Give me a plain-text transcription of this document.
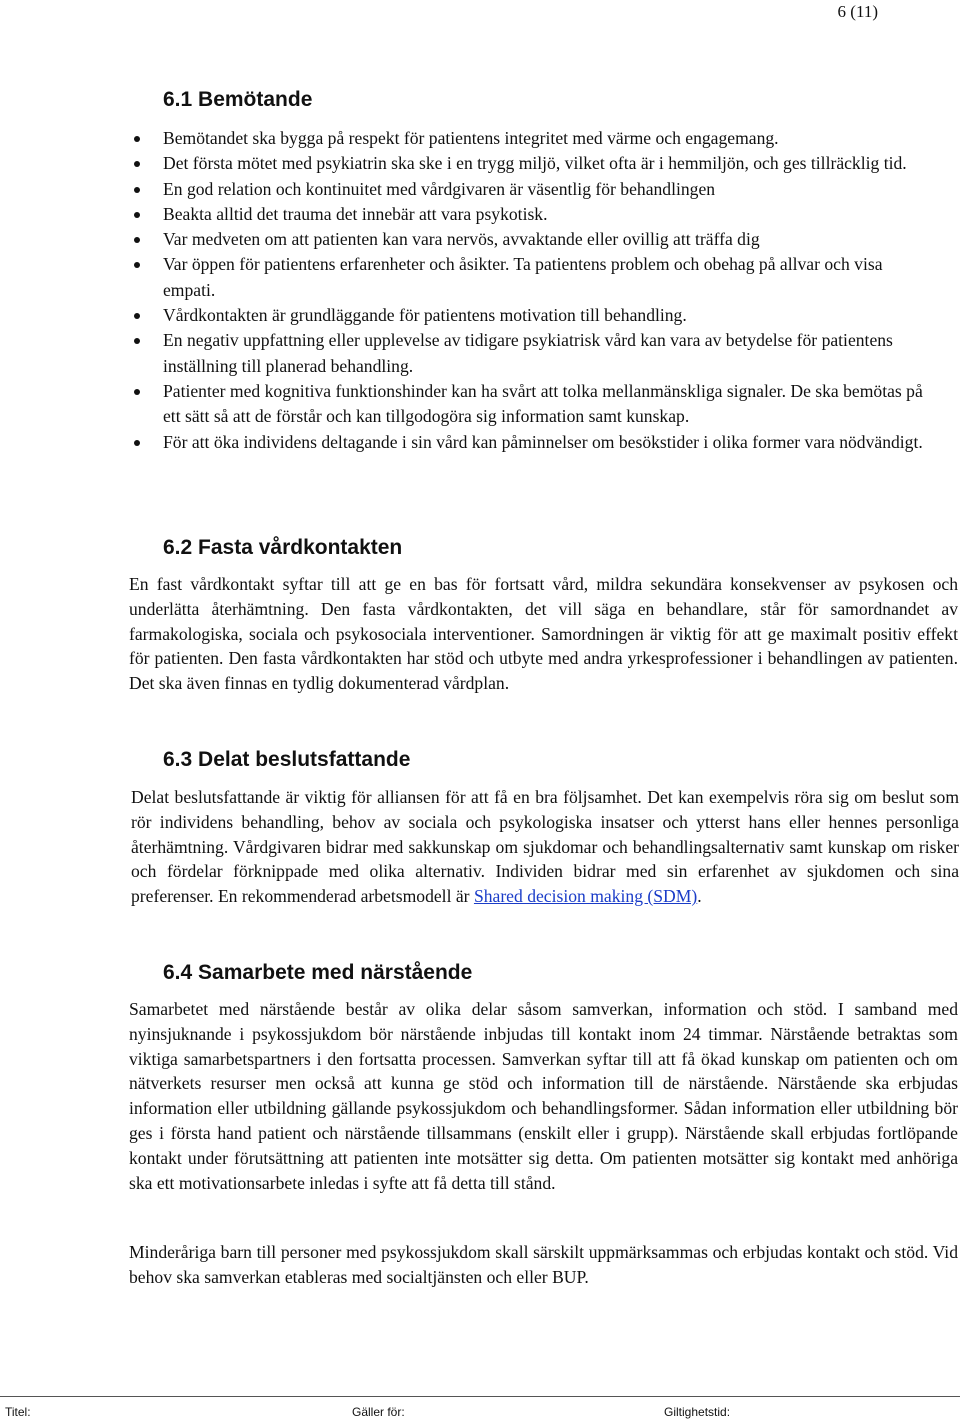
6 (11)
6.1 Bemötande
Bemötandet ska bygga på respekt för patientens integritet med värme och engagemang.
Det första mötet med psykiatrin ska ske i en trygg miljö, vilket ofta är i hemmiljön, och ges tillräcklig tid.
En god relation och kontinuitet med vårdgivaren är väsentlig för behandlingen
Beakta alltid det trauma det innebär att vara psykotisk.
Var medveten om att patienten kan vara nervös, avvaktande eller ovillig att träffa dig
Var öppen för patientens erfarenheter och åsikter. Ta patientens problem och obehag på allvar och visa empati.
Vårdkontakten är grundläggande för patientens motivation till behandling.
En negativ uppfattning eller upplevelse av tidigare psykiatrisk vård kan vara av betydelse för patientens inställning till planerad behandling.
Patienter med kognitiva funktionshinder kan ha svårt att tolka mellanmänskliga signaler. De ska bemötas på ett sätt så att de förstår och kan tillgodogöra sig information samt kunskap.
För att öka individens deltagande i sin vård kan påminnelser om besökstider i olika former vara nödvändigt.
6.2 Fasta vårdkontakten

En fast vårdkontakt syftar till att ge en bas för fortsatt vård, mildra sekundära konsekvenser av psykosen och underlätta återhämtning. Den fasta vårdkontakten, det vill säga en behandlare, står för samordnandet av farmakologiska, sociala och psykosociala interventioner. Samordningen är viktig för att ge maximalt positiv effekt för patienten. Den fasta vårdkontakten har stöd och utbyte med andra yrkesprofessioner i behandlingen av patienten. Det ska även finnas en tydlig dokumenterad vårdplan.

6.3 Delat beslutsfattande

Delat beslutsfattande är viktig för alliansen för att få en bra följsamhet. Det kan exempelvis röra sig om beslut som rör individens behandling, behov av sociala och psykologiska insatser och ytterst hans eller hennes personliga återhämtning. Vårdgivaren bidrar med sakkunskap om sjukdomar och behandlingsalternativ samt kunskap om risker och fördelar förknippade med olika alternativ. Individen bidrar med sin erfarenhet av sjukdomen och sina preferenser. En rekommenderad arbetsmodell är Shared decision making (SDM).

6.4 Samarbete med närstående

Samarbetet med närstående består av olika delar såsom samverkan, information och stöd. I samband med nyinsjuknande i psykossjukdom bör närstående inbjudas till kontakt inom 24 timmar. Närstående betraktas som viktiga samarbetspartners i den fortsatta processen. Samverkan syftar till att få ökad kunskap om patienten och om nätverkets resurser men också att kunna ge stöd och information till de närstående. Närstående ska erbjudas information eller utbildning gällande psykossjukdom och behandlingsformer. Sådan information eller utbildning bör ges i första hand patient och närstående tillsammans (enskilt eller i grupp). Närstående skall erbjudas fortlöpande kontakt under förutsättning att patienten inte motsätter sig detta. Om patienten motsätter sig kontakt med anhöriga ska ett motivationsarbete inledas i syfte att få detta till stånd.

Minderåriga barn till personer med psykossjukdom skall särskilt uppmärksammas och erbjudas kontakt och stöd. Vid behov ska samverkan etableras med socialtjänsten och eller BUP.

Titel:	Gäller för:	Giltighetstid:
